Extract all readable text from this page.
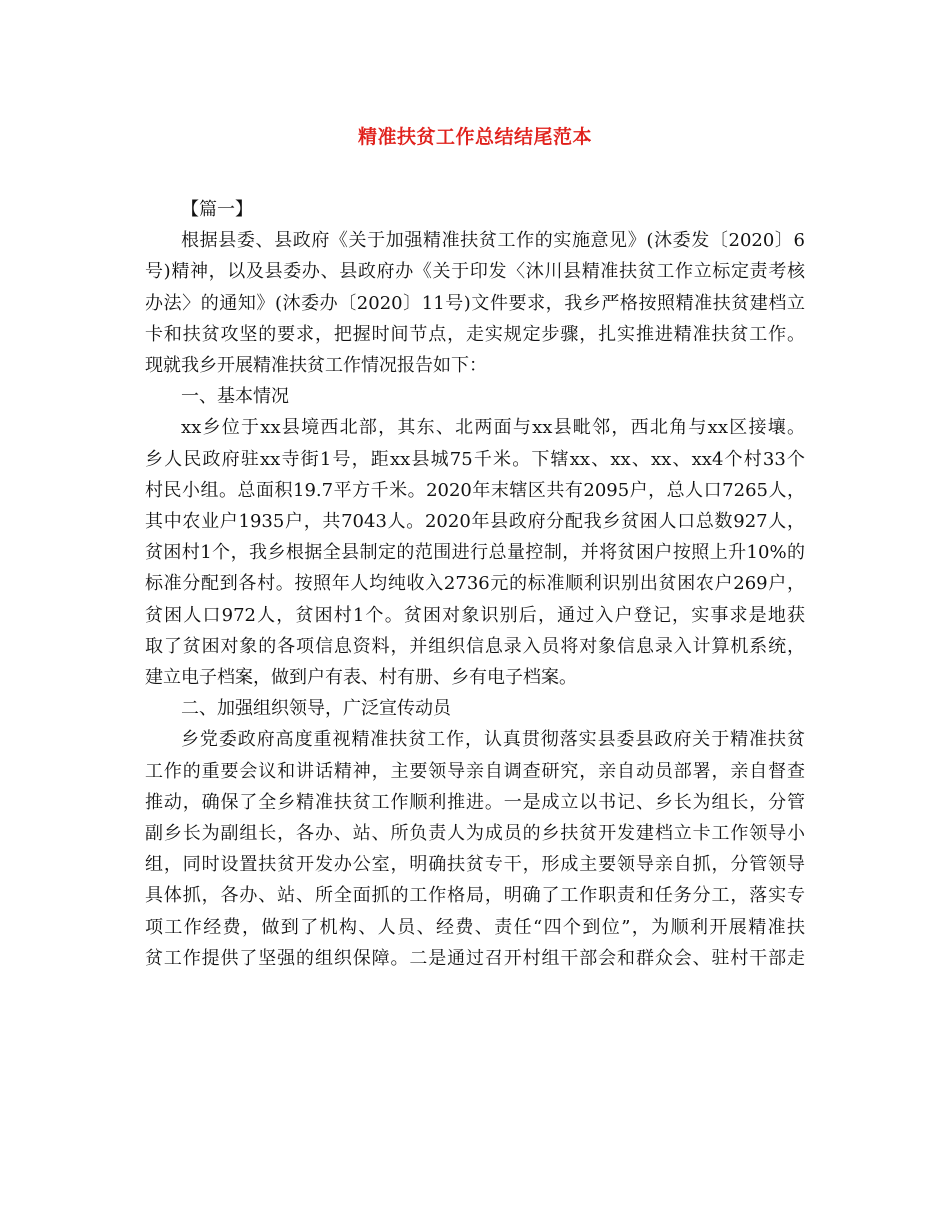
精准扶贫工作总结结尾范本

【篇一】

根据县委、县政府《关于加强精准扶贫工作的实施意见》(沐委发〔2020〕6
号)精神，以及县委办、县政府办《关于印发〈沐川县精准扶贫工作立标定责考核
办法〉的通知》(沐委办〔2020〕11号)文件要求，我乡严格按照精准扶贫建档立
卡和扶贫攻坚的要求，把握时间节点，走实规定步骤，扎实推进精准扶贫工作。
现就我乡开展精准扶贫工作情况报告如下：

一、基本情况

xx乡位于xx县境西北部，其东、北两面与xx县毗邻，西北角与xx区接壤。
乡人民政府驻xx寺街1号，距xx县城75千米。下辖xx、xx、xx、xx4个村33个
村民小组。总面积19.7平方千米。2020年末辖区共有2095户，总人口7265人，
其中农业户1935户，共7043人。2020年县政府分配我乡贫困人口总数927人，
贫困村1个，我乡根据全县制定的范围进行总量控制，并将贫困户按照上升10%的
标准分配到各村。按照年人均纯收入2736元的标准顺利识别出贫困农户269户，
贫困人口972人，贫困村1个。贫困对象识别后，通过入户登记，实事求是地获
取了贫困对象的各项信息资料，并组织信息录入员将对象信息录入计算机系统，
建立电子档案，做到户有表、村有册、乡有电子档案。

二、加强组织领导，广泛宣传动员

乡党委政府高度重视精准扶贫工作，认真贯彻落实县委县政府关于精准扶贫
工作的重要会议和讲话精神，主要领导亲自调查研究，亲自动员部署，亲自督查
推动，确保了全乡精准扶贫工作顺利推进。一是成立以书记、乡长为组长，分管
副乡长为副组长，各办、站、所负责人为成员的乡扶贫开发建档立卡工作领导小
组，同时设置扶贫开发办公室，明确扶贫专干，形成主要领导亲自抓，分管领导
具体抓，各办、站、所全面抓的工作格局，明确了工作职责和任务分工，落实专
项工作经费，做到了机构、人员、经费、责任“四个到位”，为顺利开展精准扶
贫工作提供了坚强的组织保障。二是通过召开村组干部会和群众会、驻村干部走
